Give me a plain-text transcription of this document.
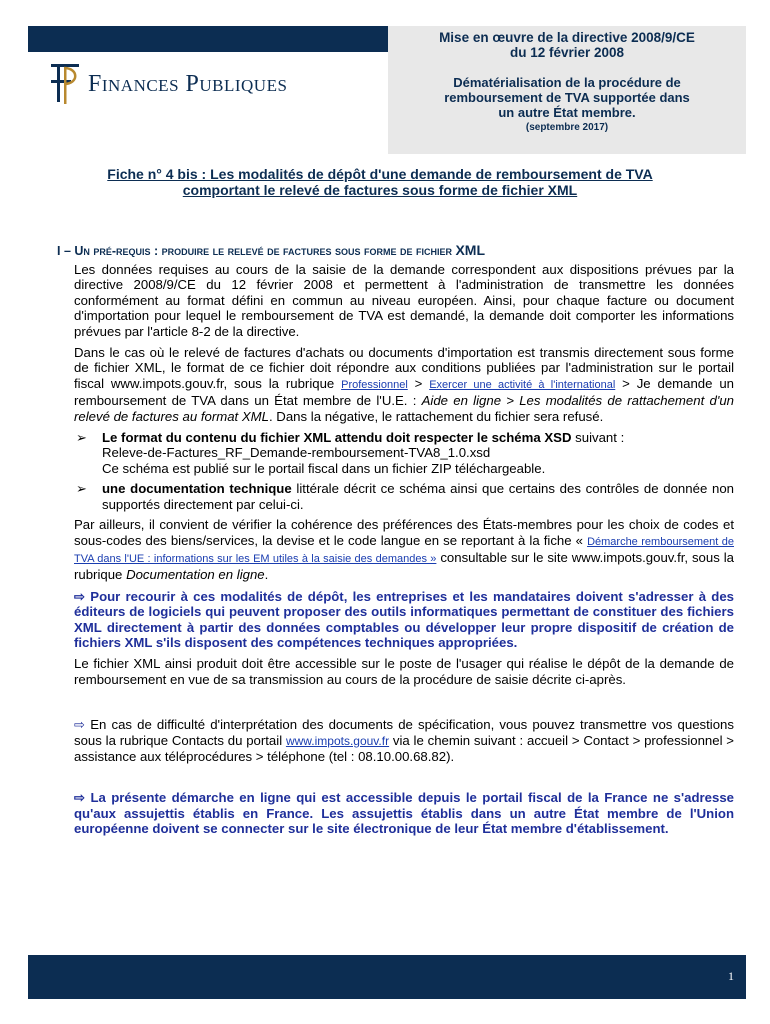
Finances Publiques
Mise en œuvre de la directive 2008/9/CE
du 12 février 2008
Dématérialisation de la procédure de
remboursement de TVA supportée dans
un autre État membre.
(septembre 2017)
Fiche n° 4 bis : Les modalités de dépôt d'une demande de remboursement de TVA
comportant le relevé de factures sous forme de fichier XML
I – Un pré-requis : produire le relevé de factures sous forme de fichier XML

Les données requises au cours de la saisie de la demande correspondent aux dispositions prévues par la directive 2008/9/CE du 12 février 2008 et permettent à l'administration de transmettre les données conformément au format défini en commun au niveau européen. Ainsi, pour chaque facture ou document d'importation pour lequel le remboursement de TVA est demandé, la demande doit comporter les informations prévues par l'article 8-2 de la directive.

Dans le cas où le relevé de factures d'achats ou documents d'importation est transmis directement sous forme de fichier XML, le format de ce fichier doit répondre aux conditions publiées par l'administration sur le portail fiscal www.impots.gouv.fr, sous la rubrique Professionnel > Exercer une activité à l'international > Je demande un remboursement de TVA dans un État membre de l'U.E. : Aide en ligne > Les modalités de rattachement d'un relevé de factures au format XML. Dans la négative, le rattachement du fichier sera refusé.

➢ Le format du contenu du fichier XML attendu doit respecter le schéma XSD suivant :
Releve-de-Factures_RF_Demande-remboursement-TVA8_1.0.xsd
Ce schéma est publié sur le portail fiscal dans un fichier ZIP téléchargeable.
➢ une documentation technique littérale décrit ce schéma ainsi que certains des contrôles de donnée non supportés directement par celui-ci.

Par ailleurs, il convient de vérifier la cohérence des préférences des États-membres pour les choix de codes et sous-codes des biens/services, la devise et le code langue en se reportant à la fiche « Démarche remboursement de TVA dans l'UE : informations sur les EM utiles à la saisie des demandes » consultable sur le site www.impots.gouv.fr, sous la rubrique Documentation en ligne.

⇨ Pour recourir à ces modalités de dépôt, les entreprises et les mandataires doivent s'adresser à des éditeurs de logiciels qui peuvent proposer des outils informatiques permettant de constituer des fichiers XML directement à partir des données comptables ou développer leur propre dispositif de création de fichiers XML s'ils disposent des compétences techniques appropriées.

Le fichier XML ainsi produit doit être accessible sur le poste de l'usager qui réalise le dépôt de la demande de remboursement en vue de sa transmission au cours de la procédure de saisie décrite ci-après.

⇨ En cas de difficulté d'interprétation des documents de spécification, vous pouvez transmettre vos questions sous la rubrique Contacts du portail www.impots.gouv.fr via le chemin suivant : accueil > Contact > professionnel > assistance aux téléprocédures > téléphone (tel : 08.10.00.68.82).

⇨ La présente démarche en ligne qui est accessible depuis le portail fiscal de la France ne s'adresse qu'aux assujettis établis en France. Les assujettis établis dans un autre État membre de l'Union européenne doivent se connecter sur le site électronique de leur État membre d'établissement.

1
